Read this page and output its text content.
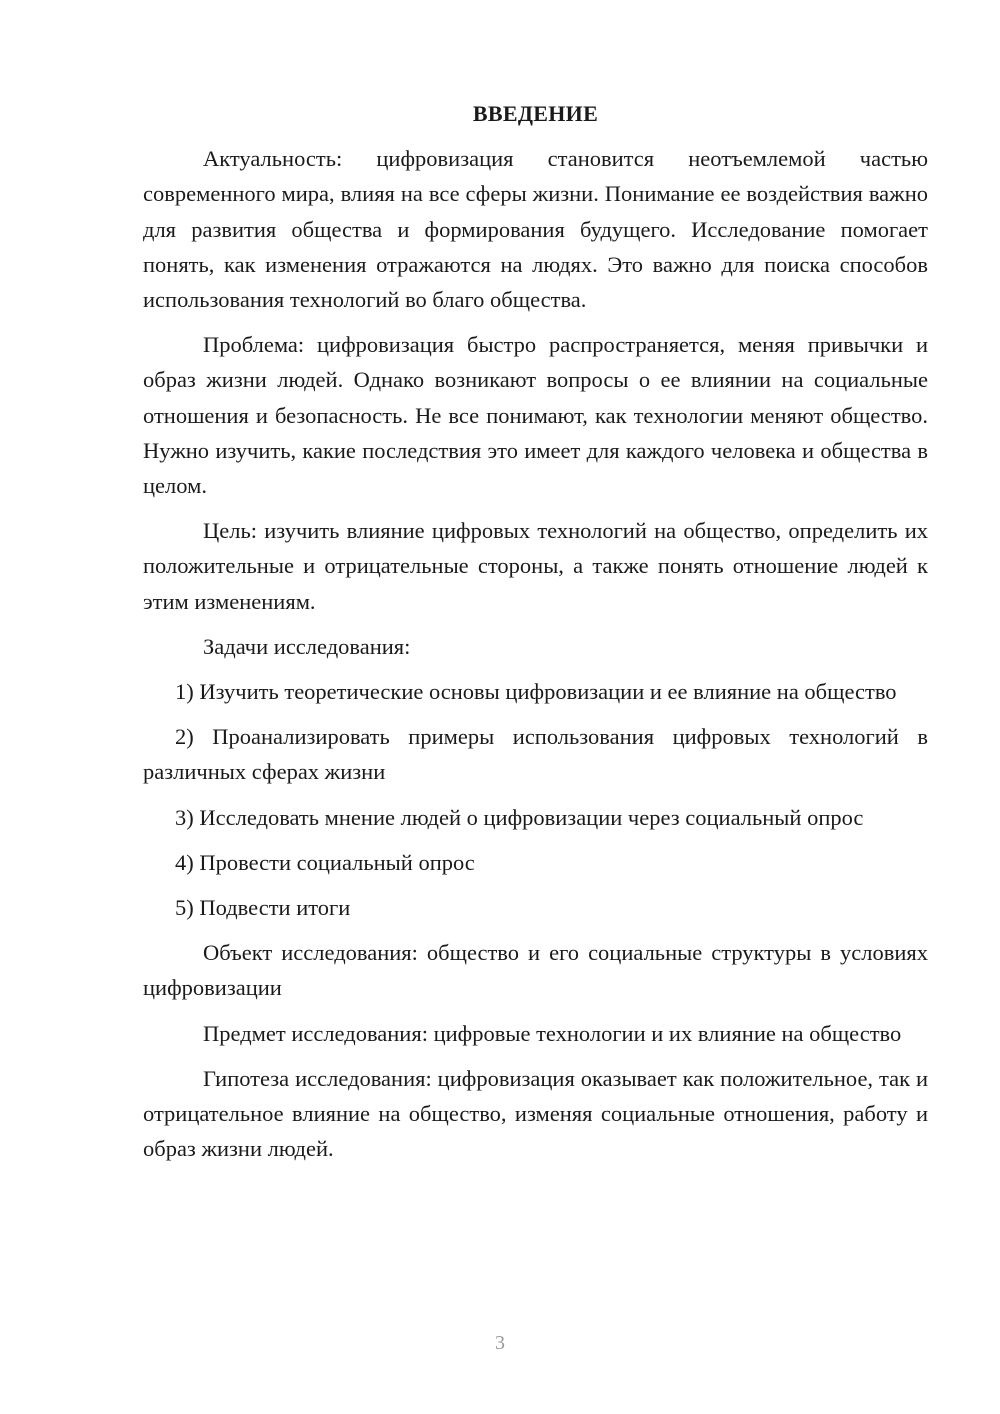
ВВЕДЕНИЕ

Актуальность: цифровизация становится неотъемлемой частью современного мира, влияя на все сферы жизни. Понимание ее воздействия важно для развития общества и формирования будущего. Исследование помогает понять, как изменения отражаются на людях. Это важно для поиска способов использования технологий во благо общества.

Проблема: цифровизация быстро распространяется, меняя привычки и образ жизни людей. Однако возникают вопросы о ее влиянии на социальные отношения и безопасность. Не все понимают, как технологии меняют общество. Нужно изучить, какие последствия это имеет для каждого человека и общества в целом.

Цель: изучить влияние цифровых технологий на общество, определить их положительные и отрицательные стороны, а также понять отношение людей к этим изменениям.

Задачи исследования:

1) Изучить теоретические основы цифровизации и ее влияние на общество

2) Проанализировать примеры использования цифровых технологий в различных сферах жизни

3) Исследовать мнение людей о цифровизации через социальный опрос

4) Провести социальный опрос

5) Подвести итоги

Объект исследования: общество и его социальные структуры в условиях цифровизации

Предмет исследования: цифровые технологии и их влияние на общество

Гипотеза исследования: цифровизация оказывает как положительное, так и отрицательное влияние на общество, изменяя социальные отношения, работу и образ жизни людей.

3
